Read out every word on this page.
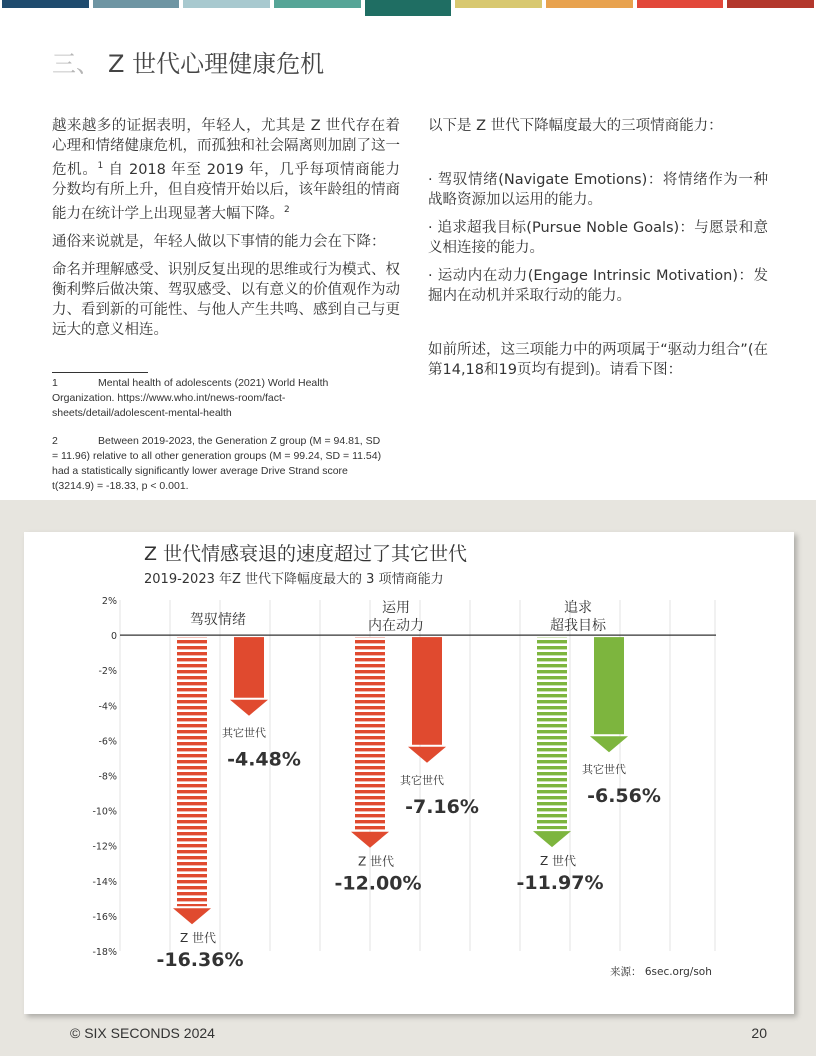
三、 Z 世代心理健康危机

越来越多的证据表明，年轻人，尤其是 Z 世代存在着心理和情绪健康危机，而孤独和社会隔离则加剧了这一危机。$^1$ 自 2018 年至 2019 年，几乎每项情商能力分数均有所上升，但自疫情开始以后，该年龄组的情商能力在统计学上出现显著大幅下降。$^2$

通俗来说就是，年轻人做以下事情的能力会在下降：

命名并理解感受、识别反复出现的思维或行为模式、权衡利弊后做决策、驾驭感受、以有意义的价值观作为动力、看到新的可能性、与他人产生共鸣、感到自己与更远大的意义相连。

以下是 Z 世代下降幅度最大的三项情商能力：

· 驾驭情绪(Navigate Emotions)：将情绪作为一种战略资源加以运用的能力。

· 追求超我目标(Pursue Noble Goals)：与愿景和意义相连接的能力。

· 运动内在动力(Engage Intrinsic Motivation)：发掘内在动机并采取行动的能力。

如前所述，这三项能力中的两项属于“驱动力组合”(在第14,18和19页均有提到)。请看下图：

1	Mental health of adolescents (2021) World Health Organization. https://www.who.int/news-room/fact-sheets/detail/adolescent-mental-health
2	Between 2019-2023, the Generation Z group (M = 94.81, SD = 11.96) relative to all other generation groups (M = 99.24, SD = 11.54) had a statistically significantly lower average Drive Strand score t(3214.9) = -18.33, p < 0.001.
Z 世代情感衰退的速度超过了其它世代
2019-2023 年Z 世代下降幅度最大的 3 项情商能力
2%
0
-2%
-4%
-6%
-8%
-10%
-12%
-14%
-16%
-18%
驾驭情绪
Z 世代
-16.36%
其它世代
-4.48%
运用
内在动力
Z 世代
-12.00%
其它世代
-7.16%
追求
超我目标
Z 世代
-11.97%
其它世代
-6.56%
来源： 6sec.org/soh
© SIX SECONDS 2024	20
